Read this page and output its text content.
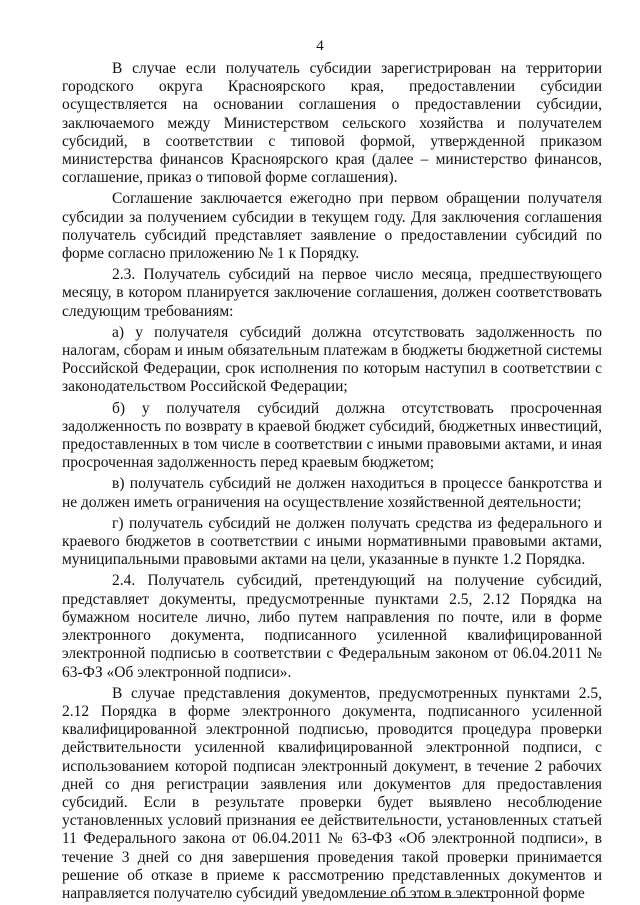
4

В случае если получатель субсидии зарегистрирован на территории городского округа Красноярского края, предоставлении субсидии осуществляется на основании соглашения о предоставлении субсидии, заключаемого между Министерством сельского хозяйства и получателем субсидий, в соответствии с типовой формой, утвержденной приказом министерства финансов Красноярского края (далее – министерство финансов, соглашение, приказ о типовой форме соглашения).

Соглашение заключается ежегодно при первом обращении получателя субсидии за получением субсидии в текущем году. Для заключения соглашения получатель субсидий представляет заявление о предоставлении субсидий по форме согласно приложению № 1 к Порядку.

2.3. Получатель субсидий на первое число месяца, предшествующего месяцу, в котором планируется заключение соглашения, должен соответствовать следующим требованиям:

а) у получателя субсидий должна отсутствовать задолженность по налогам, сборам и иным обязательным платежам в бюджеты бюджетной системы Российской Федерации, срок исполнения по которым наступил в соответствии с законодательством Российской Федерации;

б) у получателя субсидий должна отсутствовать просроченная задолженность по возврату в краевой бюджет субсидий, бюджетных инвестиций, предоставленных в том числе в соответствии с иными правовыми актами, и иная просроченная задолженность перед краевым бюджетом;

в) получатель субсидий не должен находиться в процессе банкротства и не должен иметь ограничения на осуществление хозяйственной деятельности;

г) получатель субсидий не должен получать средства из федерального и краевого бюджетов в соответствии с иными нормативными правовыми актами, муниципальными правовыми актами на цели, указанные в пункте 1.2 Порядка.

2.4. Получатель субсидий, претендующий на получение субсидий, представляет документы, предусмотренные пунктами 2.5, 2.12 Порядка на бумажном носителе лично, либо путем направления по почте, или в форме электронного документа, подписанного усиленной квалифицированной электронной подписью в соответствии с Федеральным законом от 06.04.2011 № 63-ФЗ «Об электронной подписи».

В случае представления документов, предусмотренных пунктами 2.5, 2.12 Порядка в форме электронного документа, подписанного усиленной квалифицированной электронной подписью, проводится процедура проверки действительности усиленной квалифицированной электронной подписи, с использованием которой подписан электронный документ, в течение 2 рабочих дней со дня регистрации заявления или документов для предоставления субсидий. Если в результате проверки будет выявлено несоблюдение установленных условий признания ее действительности, установленных статьей 11 Федерального закона от 06.04.2011 № 63-ФЗ «Об электронной подписи», в течение 3 дней со дня завершения проведения такой проверки принимается решение об отказе в приеме к рассмотрению представленных документов и направляется получателю субсидий уведомление об этом в электронной форме
